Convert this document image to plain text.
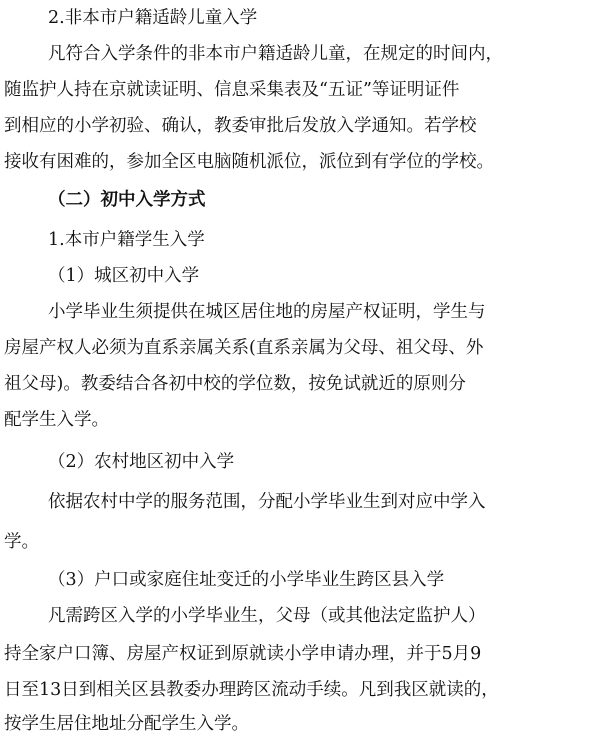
2.非本市户籍适龄儿童入学
凡符合入学条件的非本市户籍适龄儿童，在规定的时间内，
随监护人持在京就读证明、信息采集表及“五证”等证明证件
到相应的小学初验、确认，教委审批后发放入学通知。若学校
接收有困难的，参加全区电脑随机派位，派位到有学位的学校。
（二）初中入学方式
1.本市户籍学生入学
（1）城区初中入学
小学毕业生须提供在城区居住地的房屋产权证明，学生与
房屋产权人必须为直系亲属关系(直系亲属为父母、祖父母、外
祖父母)。教委结合各初中校的学位数，按免试就近的原则分
配学生入学。
（2）农村地区初中入学
依据农村中学的服务范围，分配小学毕业生到对应中学入
学。
（3）户口或家庭住址变迁的小学毕业生跨区县入学
凡需跨区入学的小学毕业生，父母（或其他法定监护人）
持全家户口簿、房屋产权证到原就读小学申请办理，并于5月9
日至13日到相关区县教委办理跨区流动手续。凡到我区就读的，
按学生居住地址分配学生入学。
